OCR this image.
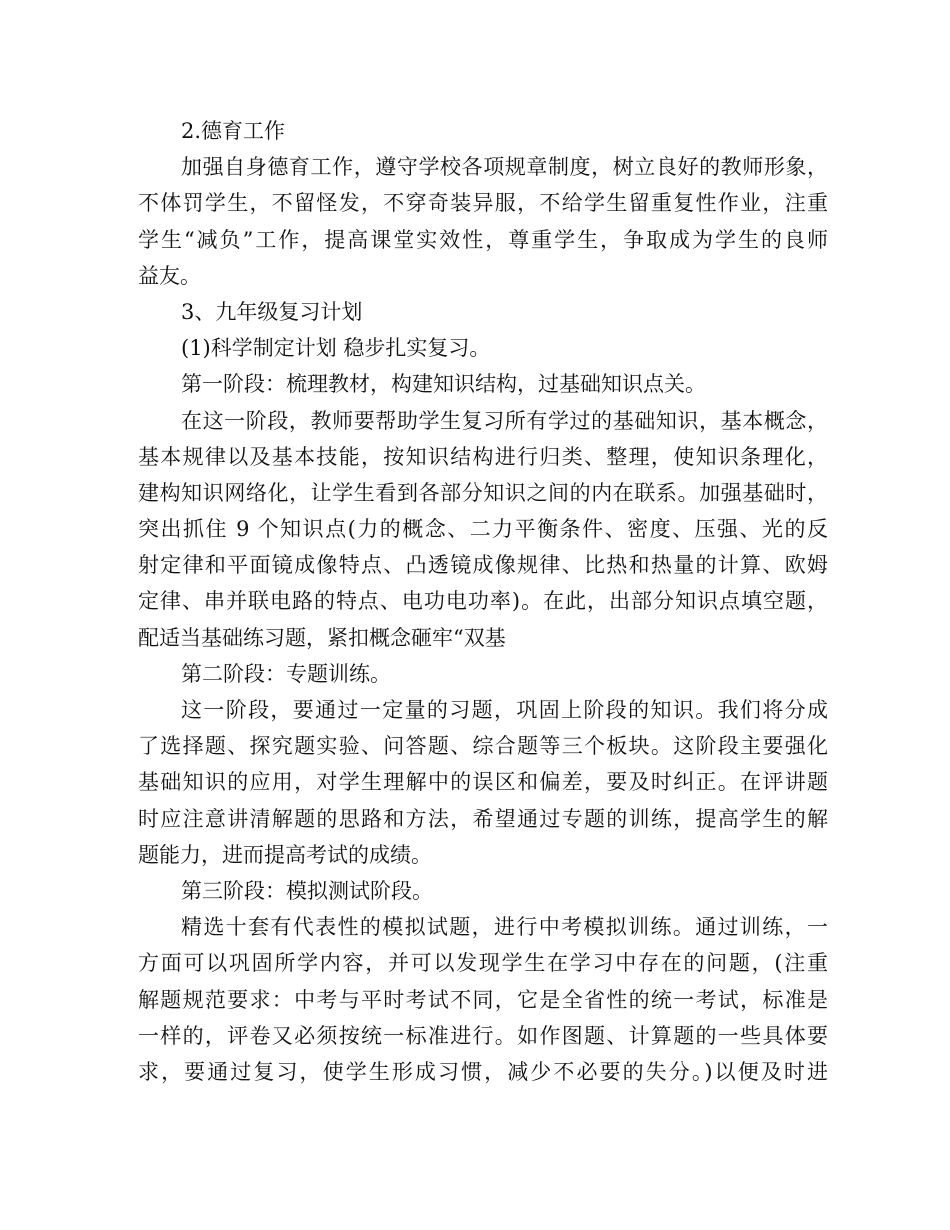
2.德育工作
加强自身德育工作，遵守学校各项规章制度，树立良好的教师形象，
不体罚学生，不留怪发，不穿奇装异服，不给学生留重复性作业，注重
学生“减负”工作，提高课堂实效性，尊重学生，争取成为学生的良师
益友。
3、九年级复习计划
(1)科学制定计划 稳步扎实复习。
第一阶段：梳理教材，构建知识结构，过基础知识点关。
在这一阶段，教师要帮助学生复习所有学过的基础知识，基本概念，
基本规律以及基本技能，按知识结构进行归类、整理，使知识条理化，
建构知识网络化，让学生看到各部分知识之间的内在联系。加强基础时，
突出抓住 9 个知识点(力的概念、二力平衡条件、密度、压强、光的反
射定律和平面镜成像特点、凸透镜成像规律、比热和热量的计算、欧姆
定律、串并联电路的特点、电功电功率)。在此，出部分知识点填空题，
配适当基础练习题，紧扣概念砸牢“双基
第二阶段：专题训练。
这一阶段，要通过一定量的习题，巩固上阶段的知识。我们将分成
了选择题、探究题实验、问答题、综合题等三个板块。这阶段主要强化
基础知识的应用，对学生理解中的误区和偏差，要及时纠正。在评讲题
时应注意讲清解题的思路和方法，希望通过专题的训练，提高学生的解
题能力，进而提高考试的成绩。
第三阶段：模拟测试阶段。
精选十套有代表性的模拟试题，进行中考模拟训练。通过训练，一
方面可以巩固所学内容，并可以发现学生在学习中存在的问题，(注重
解题规范要求：中考与平时考试不同，它是全省性的统一考试，标准是
一样的，评卷又必须按统一标准进行。如作图题、计算题的一些具体要
求，要通过复习，使学生形成习惯，减少不必要的失分。)以便及时进
